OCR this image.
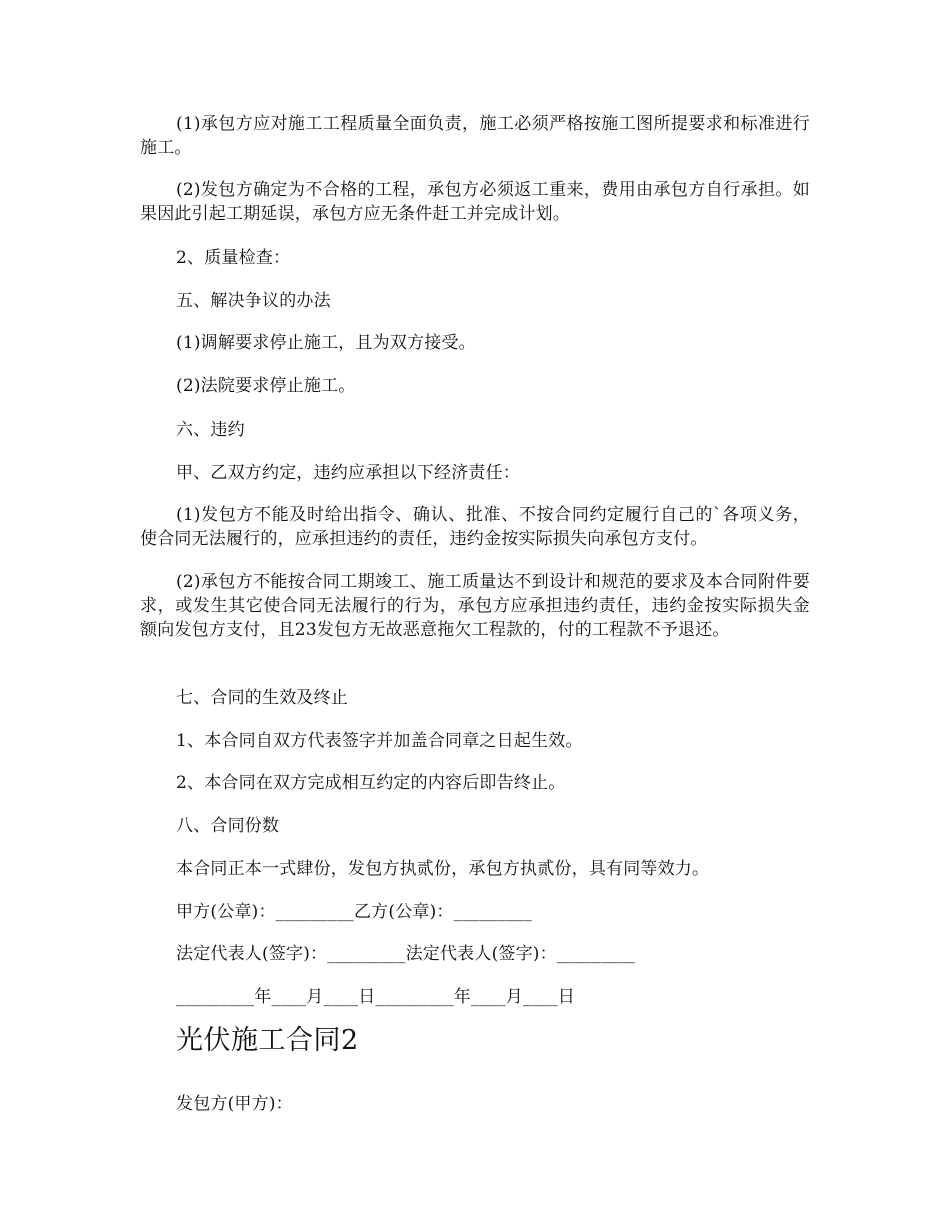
(1)承包方应对施工工程质量全面负责，施工必须严格按施工图所提要求和标准进行施工。
(2)发包方确定为不合格的工程，承包方必须返工重来，费用由承包方自行承担。如果因此引起工期延误，承包方应无条件赶工并完成计划。
2、质量检查：
五、解决争议的办法
(1)调解要求停止施工，且为双方接受。
(2)法院要求停止施工。
六、违约
甲、乙双方约定，违约应承担以下经济责任：
(1)发包方不能及时给出指令、确认、批准、不按合同约定履行自己的`各项义务，使合同无法履行的，应承担违约的责任，违约金按实际损失向承包方支付。
(2)承包方不能按合同工期竣工、施工质量达不到设计和规范的要求及本合同附件要求，或发生其它使合同无法履行的行为，承包方应承担违约责任，违约金按实际损失金额向发包方支付，且23发包方无故恶意拖欠工程款的，付的工程款不予退还。
七、合同的生效及终止
1、本合同自双方代表签字并加盖合同章之日起生效。
2、本合同在双方完成相互约定的内容后即告终止。
八、合同份数
本合同正本一式肆份，发包方执贰份，承包方执贰份，具有同等效力。
甲方(公章)：_________乙方(公章)：_________
法定代表人(签字)：_________法定代表人(签字)：_________
_________年____月____日_________年____月____日
光伏施工合同2
发包方(甲方)：
